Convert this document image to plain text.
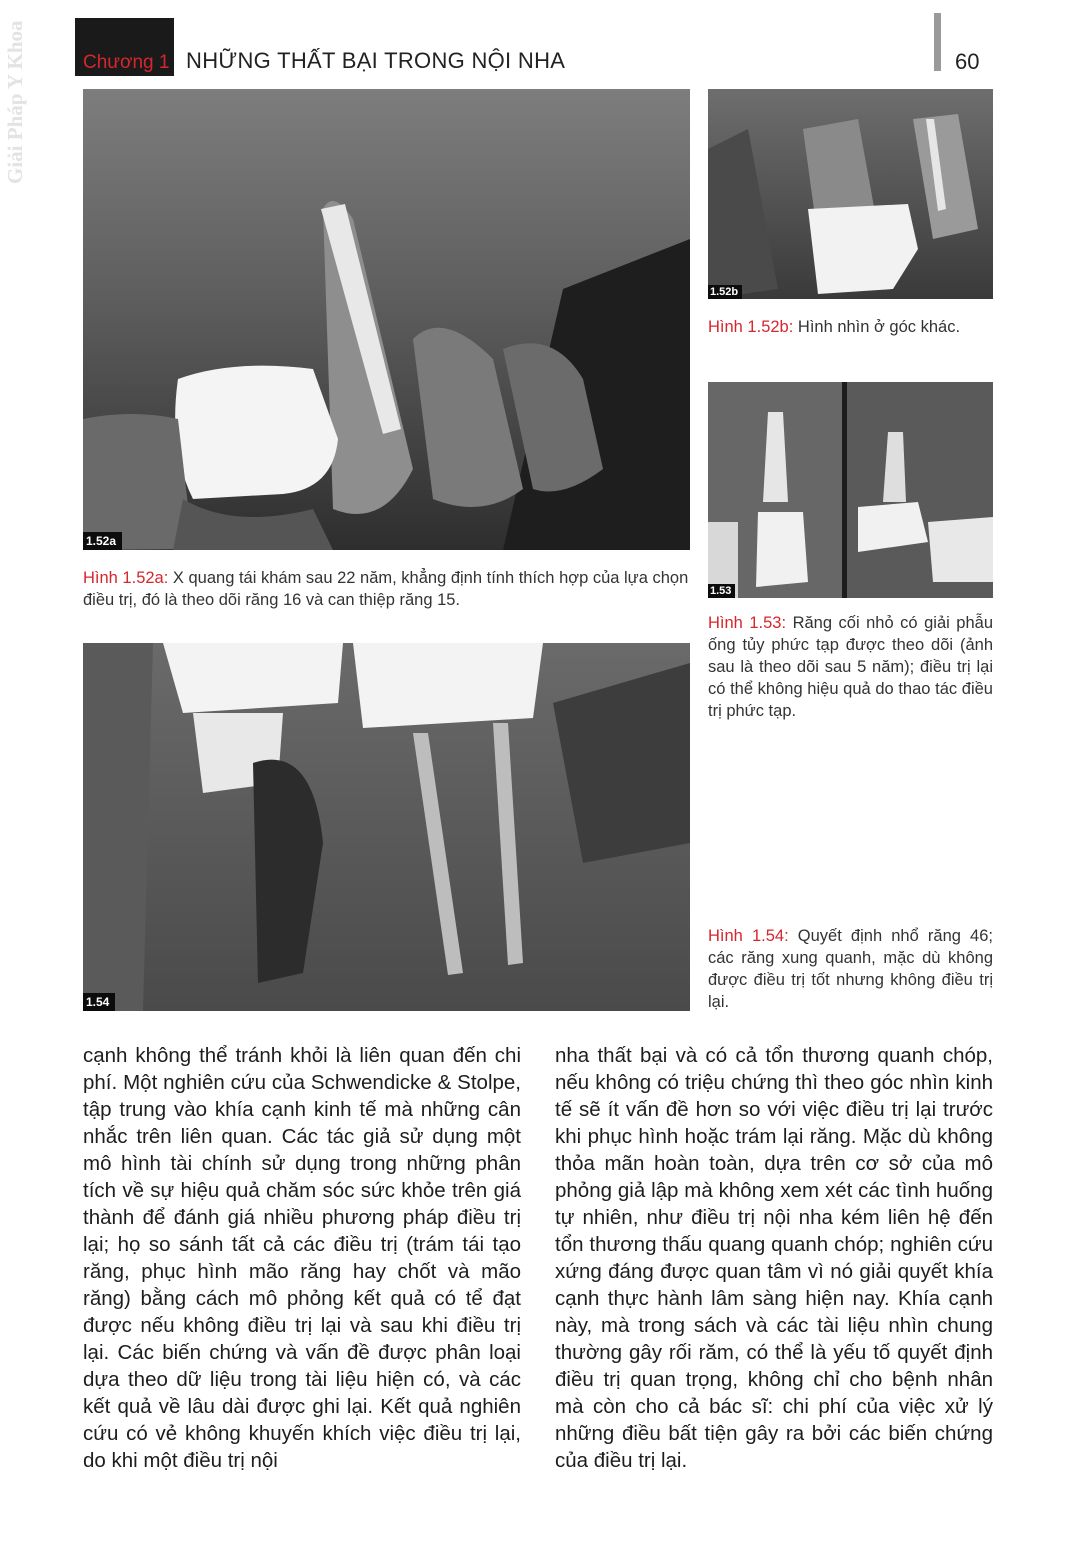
Giải Pháp Y Khoa	Chương 1 NHỮNG THẤT BẠI TRONG NỘI NHA	60
1.52a
Hình 1.52a: X quang tái khám sau 22 năm, khẳng định tính thích hợp của lựa chọn điều trị, đó là theo dõi răng 16 và can thiệp răng 15.
1.52b
Hình 1.52b: Hình nhìn ở góc khác.
1.53
Hình 1.53: Răng cối nhỏ có giải phẫu ống tủy phức tạp được theo dõi (ảnh sau là theo dõi sau 5 năm); điều trị lại có thể không hiệu quả do thao tác điều trị phức tạp.
1.54
Hình 1.54: Quyết định nhổ răng 46; các răng xung quanh, mặc dù không được điều trị tốt nhưng không điều trị lại.
cạnh không thể tránh khỏi là liên quan đến chi phí. Một nghiên cứu của Schwendicke & Stolpe, tập trung vào khía cạnh kinh tế mà những cân nhắc trên liên quan. Các tác giả sử dụng một mô hình tài chính sử dụng trong những phân tích về sự hiệu quả chăm sóc sức khỏe trên giá thành để đánh giá nhiều phương pháp điều trị lại; họ so sánh tất cả các điều trị (trám tái tạo răng, phục hình mão răng hay chốt và mão răng) bằng cách mô phỏng kết quả có tể đạt được nếu không điều trị lại và sau khi điều trị lại. Các biến chứng và vấn đề được phân loại dựa theo dữ liệu trong tài liệu hiện có, và các kết quả về lâu dài được ghi lại. Kết quả nghiên cứu có vẻ không khuyến khích việc điều trị lại, do khi một điều trị nội
nha thất bại và có cả tổn thương quanh chóp, nếu không có triệu chứng thì theo góc nhìn kinh tế sẽ ít vấn đề hơn so với việc điều trị lại trước khi phục hình hoặc trám lại răng. Mặc dù không thỏa mãn hoàn toàn, dựa trên cơ sở của mô phỏng giả lập mà không xem xét các tình huống tự nhiên, như điều trị nội nha kém liên hệ đến tổn thương thấu quang quanh chóp; nghiên cứu xứng đáng được quan tâm vì nó giải quyết khía cạnh thực hành lâm sàng hiện nay. Khía cạnh này, mà trong sách và các tài liệu nhìn chung thường gây rối răm, có thể là yếu tố quyết định điều trị quan trọng, không chỉ cho bệnh nhân mà còn cho cả bác sĩ: chi phí của việc xử lý những điều bất tiện gây ra bởi các biến chứng của điều trị lại.
